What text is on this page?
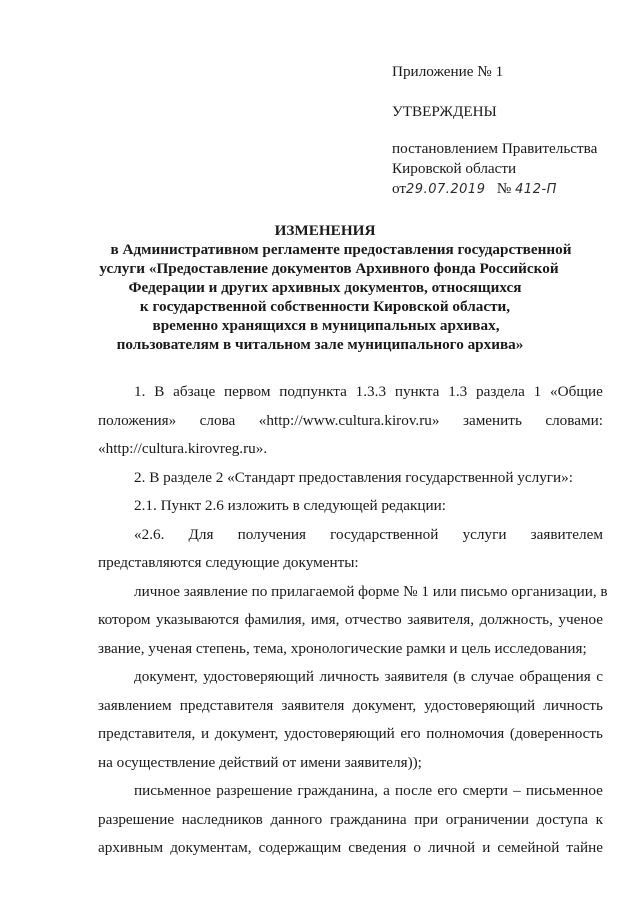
Приложение № 1
УТВЕРЖДЕНЫ
постановлением Правительства
Кировской области
от29.07.2019 № 412-П
ИЗМЕНЕНИЯ
в Административном регламенте предоставления государственной
услуги «Предоставление документов Архивного фонда Российской
Федерации и других архивных документов, относящихся
к государственной собственности Кировской области,
временно хранящихся в муниципальных архивах,
пользователям в читальном зале муниципального архива»
1. В абзаце первом подпункта 1.3.3 пункта 1.3 раздела 1 «Общие
положения» слова «http://www.cultura.kirov.ru» заменить словами:
«http://cultura.kirovreg.ru».
2. В разделе 2 «Стандарт предоставления государственной услуги»:
2.1. Пункт 2.6 изложить в следующей редакции:
«2.6. Для получения государственной услуги заявителем
представляются следующие документы:
личное заявление по прилагаемой форме № 1 или письмо организации, в
котором указываются фамилия, имя, отчество заявителя, должность, ученое
звание, ученая степень, тема, хронологические рамки и цель исследования;
документ, удостоверяющий личность заявителя (в случае обращения с
заявлением представителя заявителя документ, удостоверяющий личность
представителя, и документ, удостоверяющий его полномочия (доверенность
на осуществление действий от имени заявителя));
письменное разрешение гражданина, а после его смерти – письменное
разрешение наследников данного гражданина при ограничении доступа к
архивным документам, содержащим сведения о личной и семейной тайне
